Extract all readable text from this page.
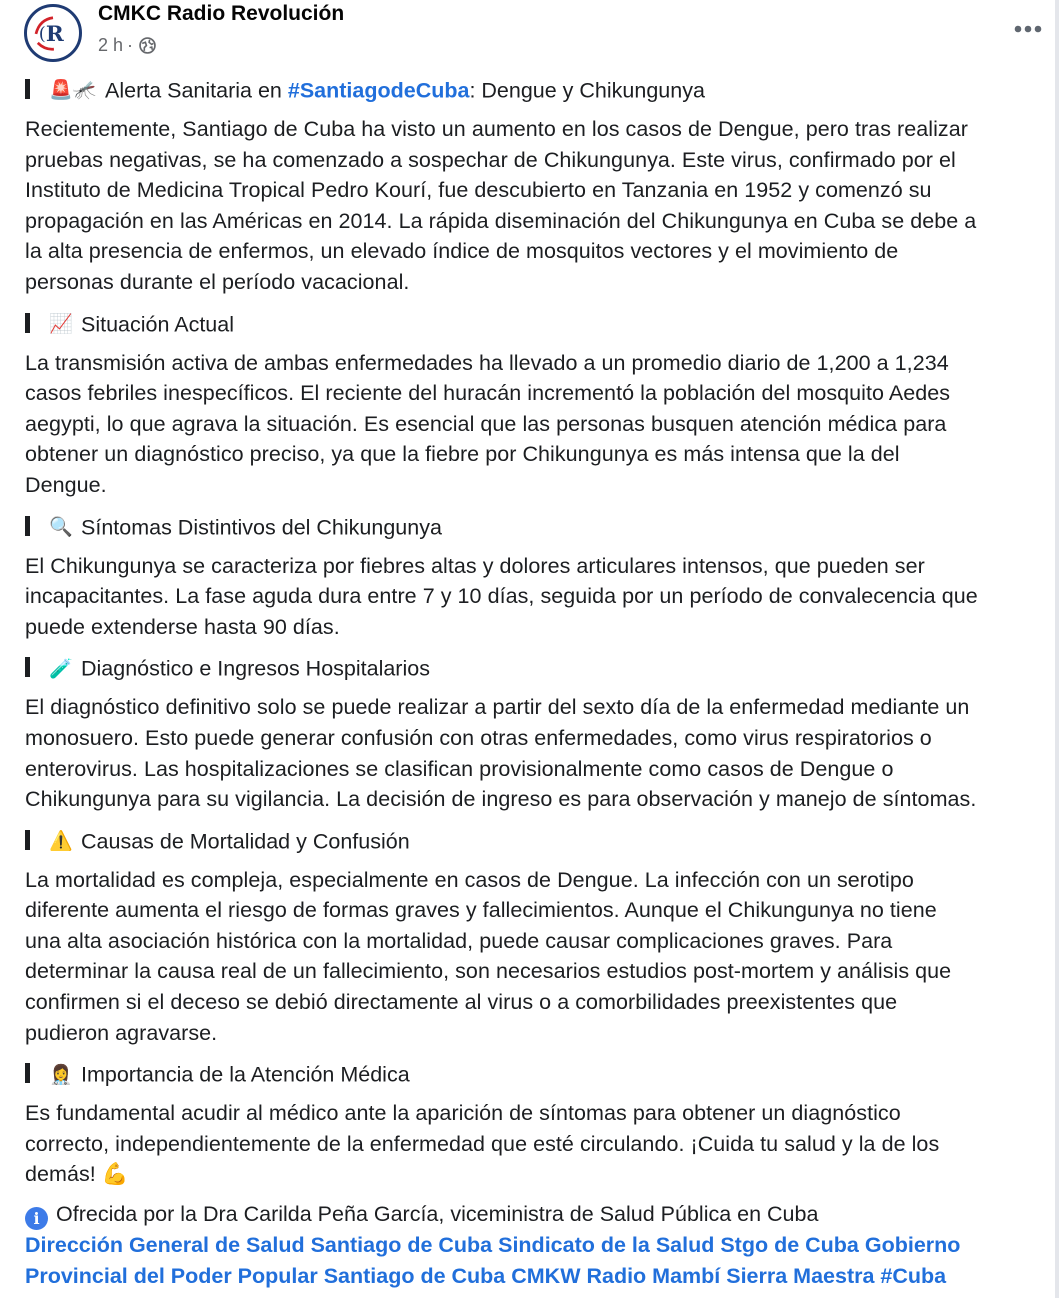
R
(
CMKC Radio Revolución
2 h ·
🚨🦟 Alerta Sanitaria en #SantiagodeCuba: Dengue y Chikungunya
Recientemente, Santiago de Cuba ha visto un aumento en los casos de Dengue, pero tras realizar
pruebas negativas, se ha comenzado a sospechar de Chikungunya. Este virus, confirmado por el
Instituto de Medicina Tropical Pedro Kourí, fue descubierto en Tanzania en 1952 y comenzó su
propagación en las Américas en 2014. La rápida diseminación del Chikungunya en Cuba se debe a
la alta presencia de enfermos, un elevado índice de mosquitos vectores y el movimiento de
personas durante el período vacacional.
📈 Situación Actual
La transmisión activa de ambas enfermedades ha llevado a un promedio diario de 1,200 a 1,234
casos febriles inespecíficos. El reciente del huracán incrementó la población del mosquito Aedes
aegypti, lo que agrava la situación. Es esencial que las personas busquen atención médica para
obtener un diagnóstico preciso, ya que la fiebre por Chikungunya es más intensa que la del
Dengue.
🔍 Síntomas Distintivos del Chikungunya
El Chikungunya se caracteriza por fiebres altas y dolores articulares intensos, que pueden ser
incapacitantes. La fase aguda dura entre 7 y 10 días, seguida por un período de convalecencia que
puede extenderse hasta 90 días.
🧪 Diagnóstico e Ingresos Hospitalarios
El diagnóstico definitivo solo se puede realizar a partir del sexto día de la enfermedad mediante un
monosuero. Esto puede generar confusión con otras enfermedades, como virus respiratorios o
enterovirus. Las hospitalizaciones se clasifican provisionalmente como casos de Dengue o
Chikungunya para su vigilancia. La decisión de ingreso es para observación y manejo de síntomas.
⚠️ Causas de Mortalidad y Confusión
La mortalidad es compleja, especialmente en casos de Dengue. La infección con un serotipo
diferente aumenta el riesgo de formas graves y fallecimientos. Aunque el Chikungunya no tiene
una alta asociación histórica con la mortalidad, puede causar complicaciones graves. Para
determinar la causa real de un fallecimiento, son necesarios estudios post-mortem y análisis que
confirmen si el deceso se debió directamente al virus o a comorbilidades preexistentes que
pudieron agravarse.
👩‍⚕️ Importancia de la Atención Médica
Es fundamental acudir al médico ante la aparición de síntomas para obtener un diagnóstico
correcto, independientemente de la enfermedad que esté circulando. ¡Cuida tu salud y la de los
demás! 💪
i Ofrecida por la Dra Carilda Peña García, viceministra de Salud Pública en Cuba
Dirección General de Salud Santiago de Cuba Sindicato de la Salud Stgo de Cuba Gobierno
Provincial del Poder Popular Santiago de Cuba CMKW Radio Mambí Sierra Maestra #Cuba
